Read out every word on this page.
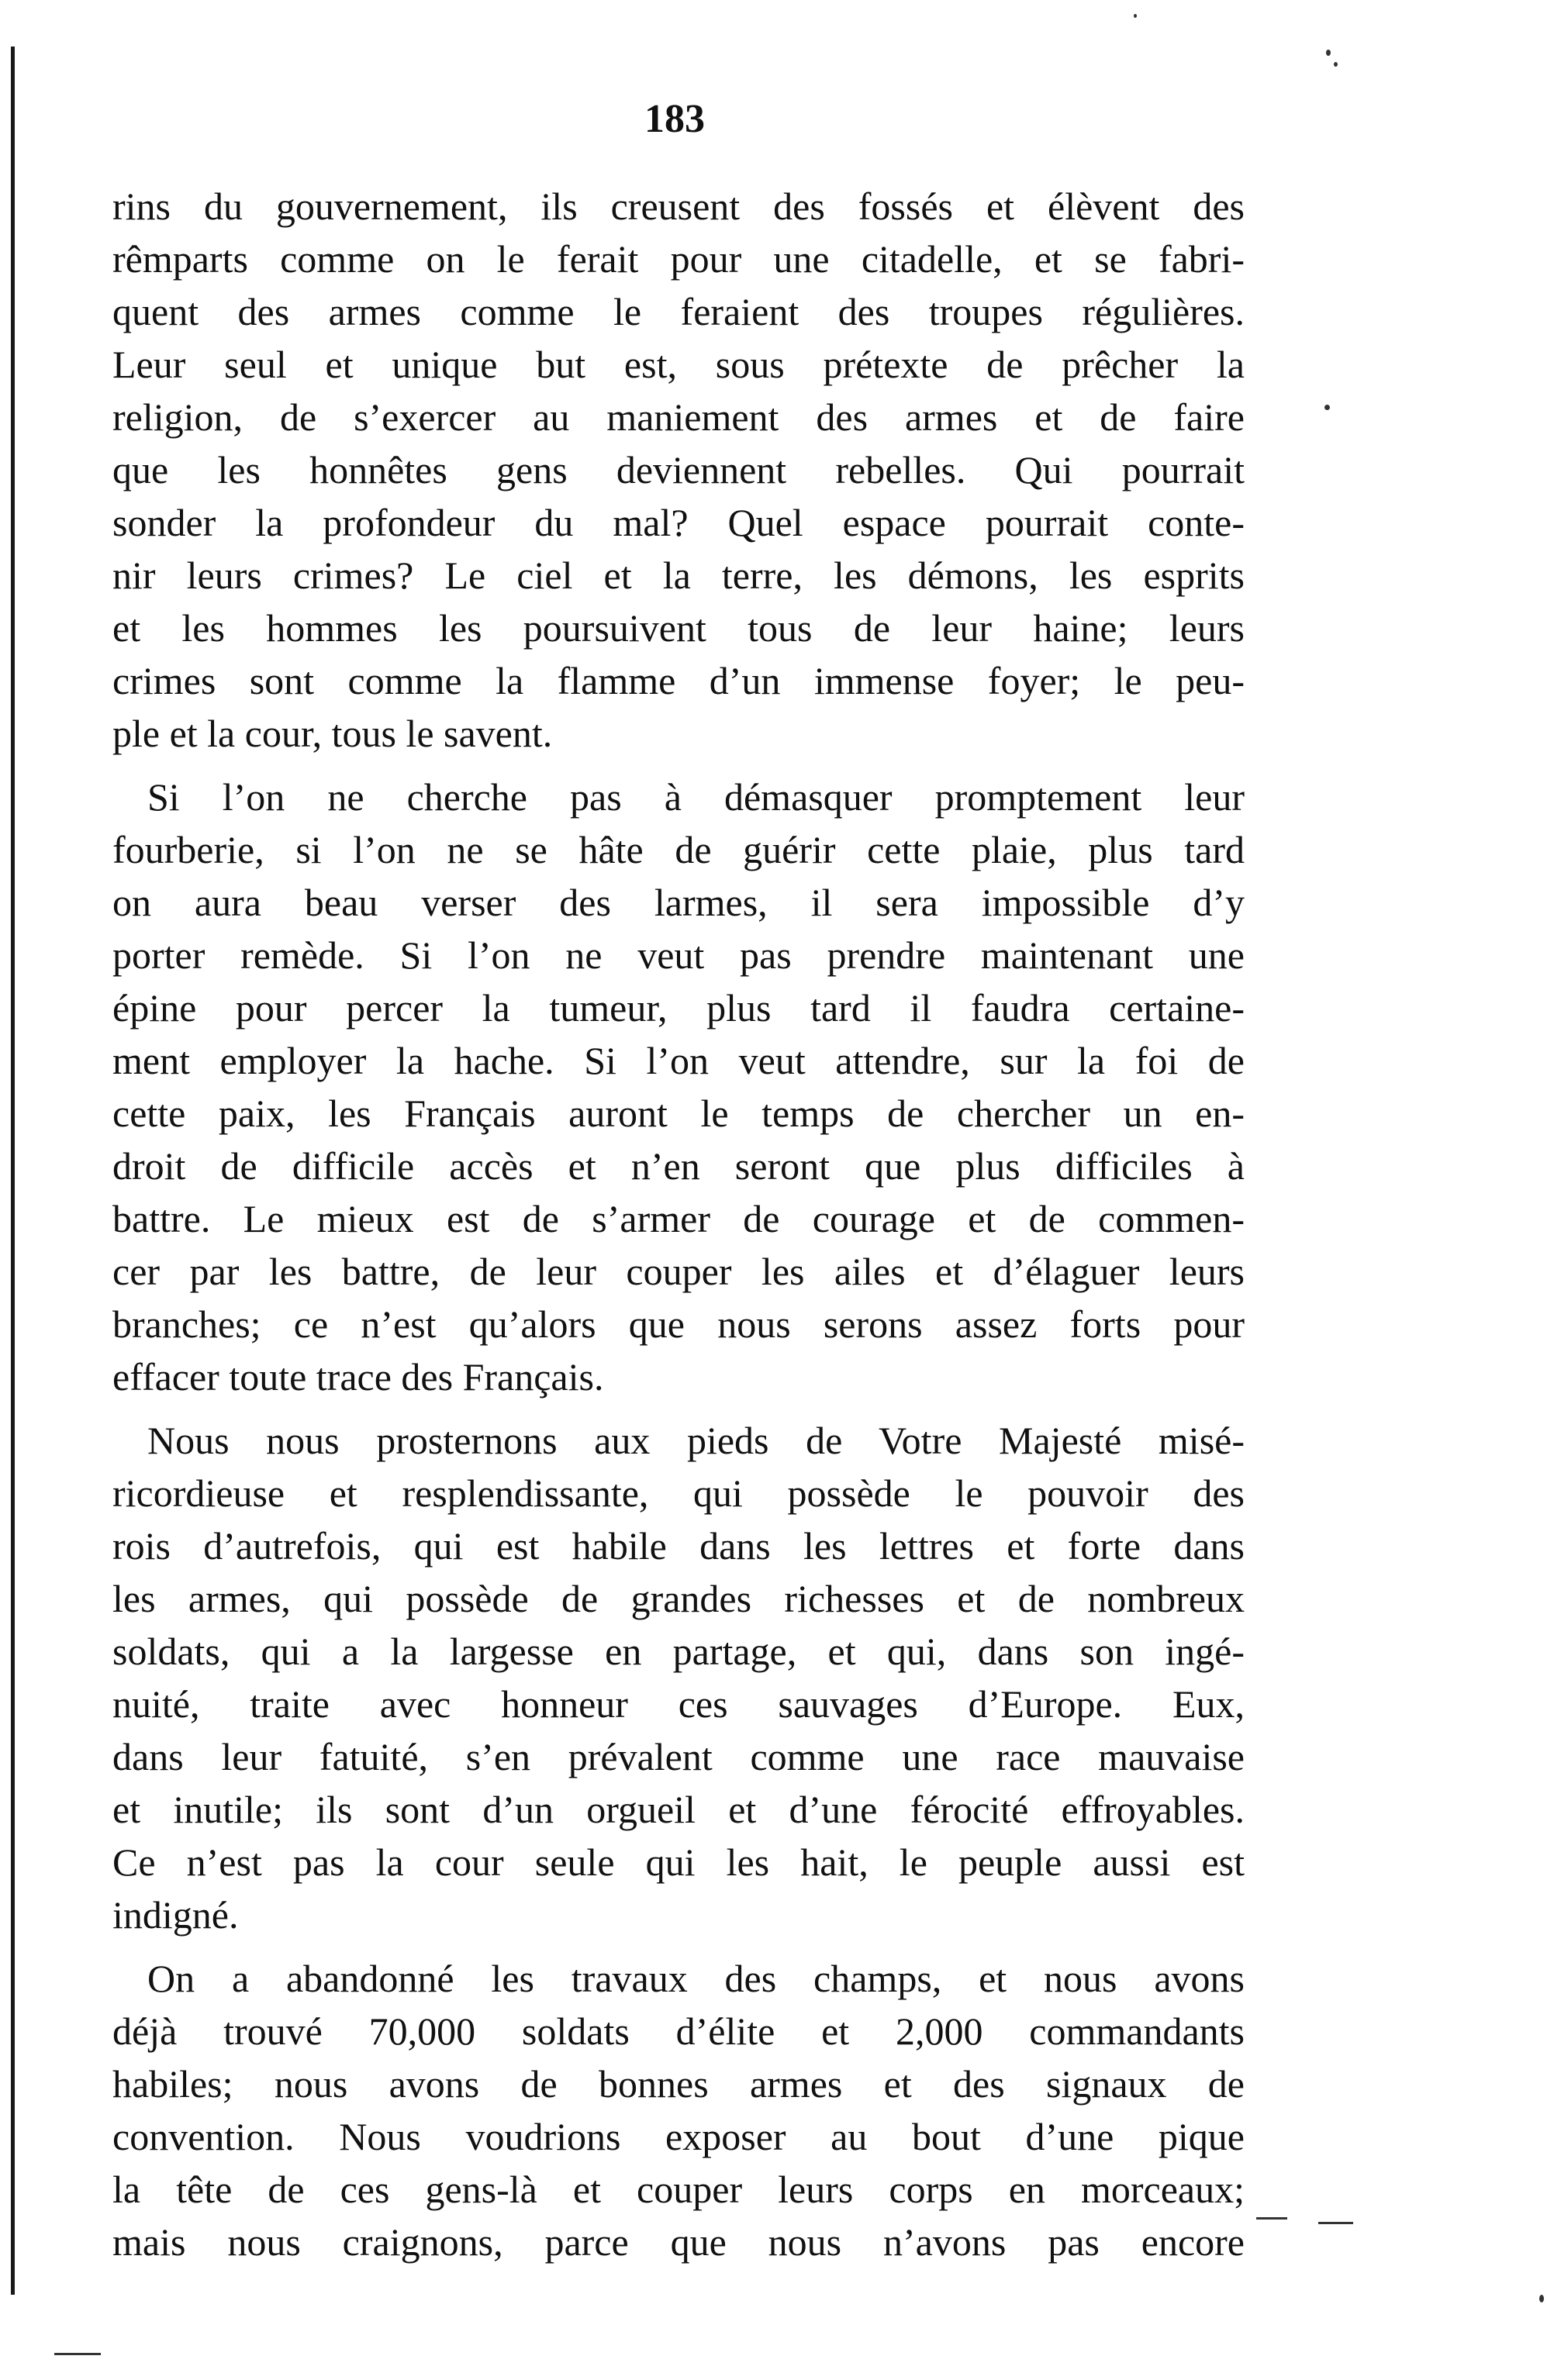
183
rins du gouvernement, ils creusent des fossés et élèvent des
rêmparts comme on le ferait pour une citadelle, et se fabri-
quent des armes comme le feraient des troupes régulières.
Leur seul et unique but est, sous prétexte de prêcher la
religion, de s’exercer au maniement des armes et de faire
que les honnêtes gens deviennent rebelles. Qui pourrait
sonder la profondeur du mal? Quel espace pourrait conte-
nir leurs crimes? Le ciel et la terre, les démons, les esprits
et les hommes les poursuivent tous de leur haine; leurs
crimes sont comme la flamme d’un immense foyer; le peu-
ple et la cour, tous le savent.
Si l’on ne cherche pas à démasquer promptement leur
fourberie, si l’on ne se hâte de guérir cette plaie, plus tard
on aura beau verser des larmes, il sera impossible d’y
porter remède. Si l’on ne veut pas prendre maintenant une
épine pour percer la tumeur, plus tard il faudra certaine-
ment employer la hache. Si l’on veut attendre, sur la foi de
cette paix, les Français auront le temps de chercher un en-
droit de difficile accès et n’en seront que plus difficiles à
battre. Le mieux est de s’armer de courage et de commen-
cer par les battre, de leur couper les ailes et d’élaguer leurs
branches; ce n’est qu’alors que nous serons assez forts pour
effacer toute trace des Français.
Nous nous prosternons aux pieds de Votre Majesté misé-
ricordieuse et resplendissante, qui possède le pouvoir des
rois d’autrefois, qui est habile dans les lettres et forte dans
les armes, qui possède de grandes richesses et de nombreux
soldats, qui a la largesse en partage, et qui, dans son ingé-
nuité, traite avec honneur ces sauvages d’Europe. Eux,
dans leur fatuité, s’en prévalent comme une race mauvaise
et inutile; ils sont d’un orgueil et d’une férocité effroyables.
Ce n’est pas la cour seule qui les hait, le peuple aussi est
indigné.
On a abandonné les travaux des champs, et nous avons
déjà trouvé 70,000 soldats d’élite et 2,000 commandants
habiles; nous avons de bonnes armes et des signaux de
convention. Nous voudrions exposer au bout d’une pique
la tête de ces gens-là et couper leurs corps en morceaux;
mais nous craignons, parce que nous n’avons pas encore
